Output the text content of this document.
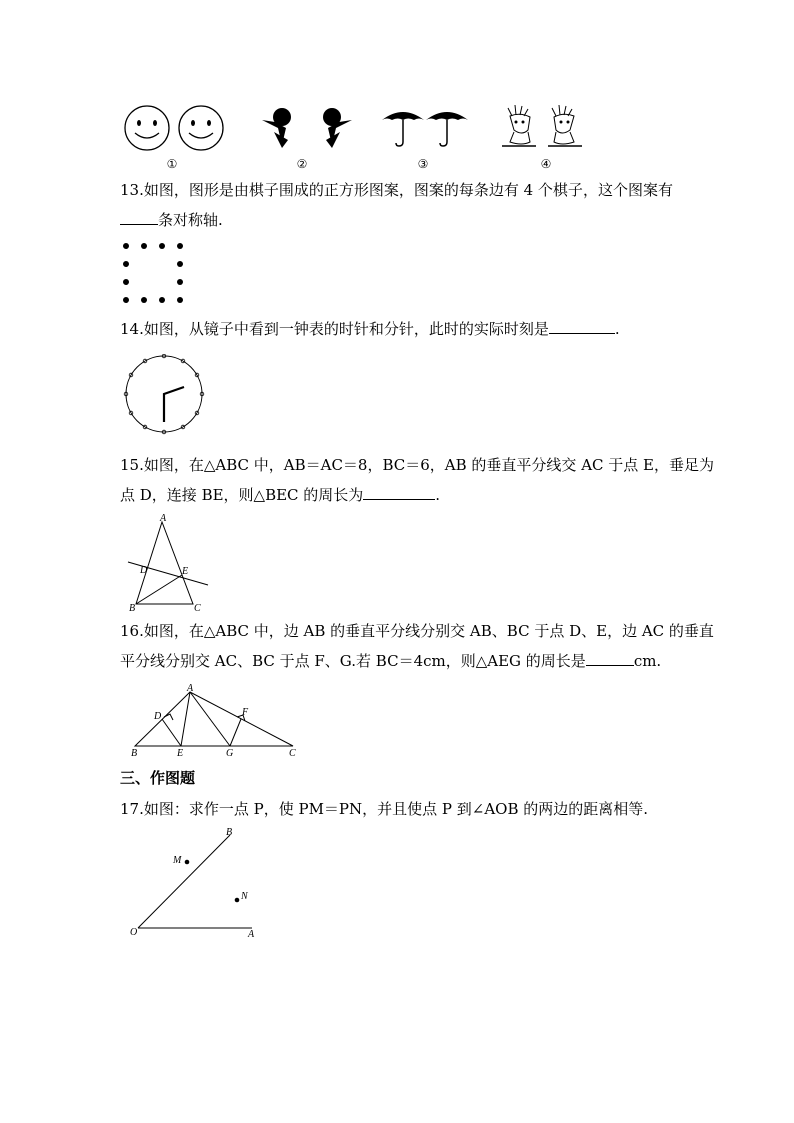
①	②	③	④
13.如图，图形是由棋子围成的正方形图案，图案的每条边有 4 个棋子，这个图案有
条对称轴.
14.如图，从镜子中看到一钟表的时针和分针，此时的实际时刻是	.
15.如图，在△ABC 中，AB＝AC＝8，BC＝6，AB 的垂直平分线交 AC 于点 E，垂足为
点 D，连接 BE，则△BEC 的周长为	.
A
B	C
D	E
16.如图，在△ABC 中，边 AB 的垂直平分线分别交 AB、BC 于点 D、E，边 AC 的垂直
平分线分别交 AC、BC 于点 F、G.若 BC＝4cm，则△AEG 的周长是	cm.
A
B	C
D
E
F
G
三、作图题
17.如图：求作一点 P，使 PM＝PN，并且使点 P 到∠AOB 的两边的距离相等.
O	A
B
M
N
